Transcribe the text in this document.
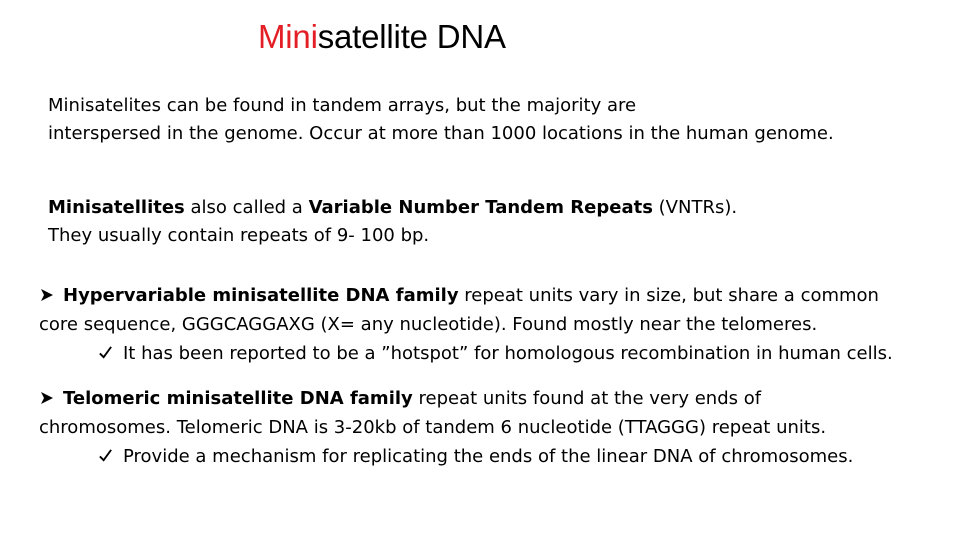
Minisatellite DNA
Minisatelites can be found in tandem arrays, but the majority are
interspersed in the genome. Occur at more than 1000 locations in the human genome.
Minisatellites also called a Variable Number Tandem Repeats (VNTRs).
They usually contain repeats of 9- 100 bp.
Hypervariable minisatellite DNA family repeat units vary in size, but share a common
core sequence, GGGCAGGAXG (X= any nucleotide). Found mostly near the telomeres.
It has been reported to be a ”hotspot” for homologous recombination in human cells.
Telomeric minisatellite DNA family repeat units found at the very ends of
chromosomes. Telomeric DNA is 3-20kb of tandem 6 nucleotide (TTAGGG) repeat units.
Provide a mechanism for replicating the ends of the linear DNA of chromosomes.
